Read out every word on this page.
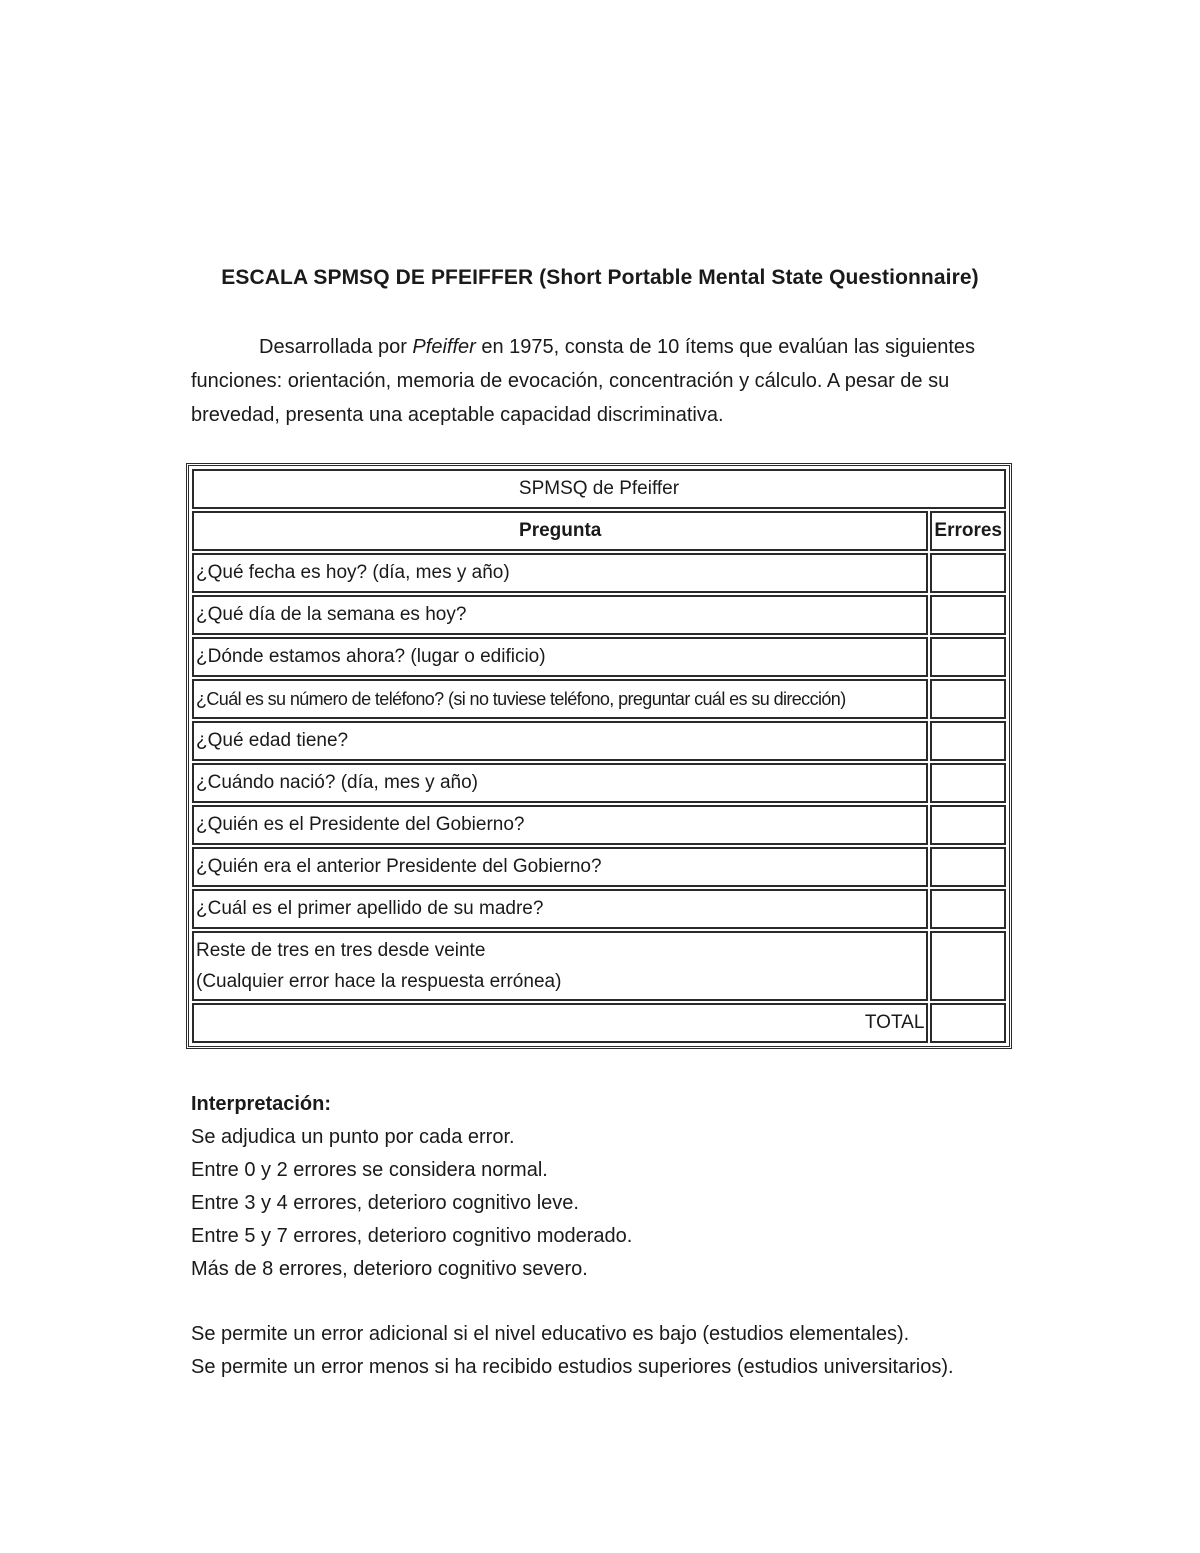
ESCALA SPMSQ DE PFEIFFER (Short Portable Mental State Questionnaire)

Desarrollada por Pfeiffer en 1975, consta de 10 ítems que evalúan las siguientes funciones: orientación, memoria de evocación, concentración y cálculo. A pesar de su brevedad, presenta una aceptable capacidad discriminativa.

SPMSQ de Pfeiffer	
Pregunta	Errores
¿Qué fecha es hoy? (día, mes y año)	
¿Qué día de la semana es hoy?	
¿Dónde estamos ahora? (lugar o edificio)	
¿Cuál es su número de teléfono? (si no tuviese teléfono, preguntar cuál es su dirección)	
¿Qué edad tiene?	
¿Cuándo nació? (día, mes y año)	
¿Quién es el Presidente del Gobierno?	
¿Quién era el anterior Presidente del Gobierno?	
¿Cuál es el primer apellido de su madre?	

Reste de tres en tres desde veinte
(Cualquier error hace la respuesta errónea)	

TOTAL	
Interpretación:
Se adjudica un punto por cada error.
Entre 0 y 2 errores se considera normal.
Entre 3 y 4 errores, deterioro cognitivo leve.
Entre 5 y 7 errores, deterioro cognitivo moderado.
Más de 8 errores, deterioro cognitivo severo.
Se permite un error adicional si el nivel educativo es bajo (estudios elementales).
Se permite un error menos si ha recibido estudios superiores (estudios universitarios).
